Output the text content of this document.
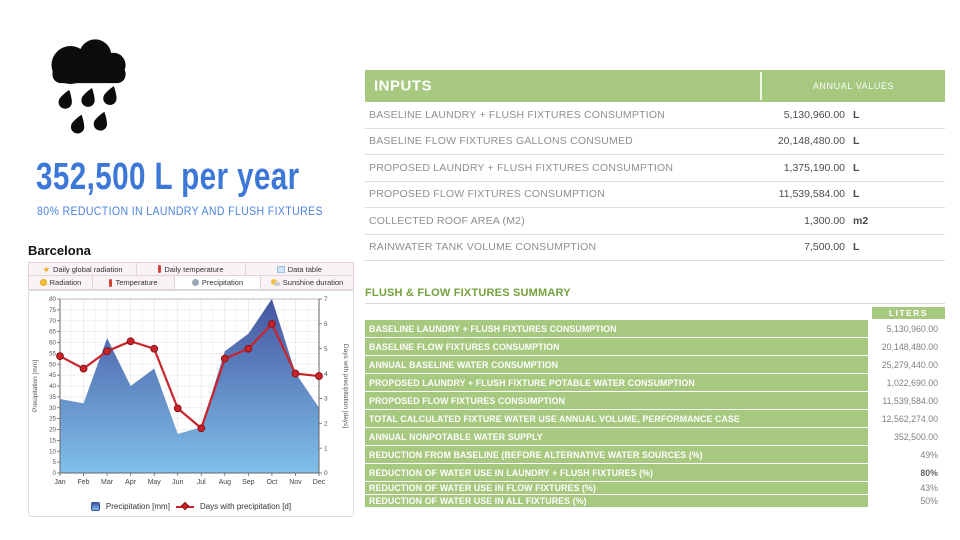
352,500 L per year
80% REDUCTION IN LAUNDRY AND FLUSH FIXTURES
Barcelona
★
Daily global radiation	Daily temperature	Data table
Radiation	Temperature	Precipitation	Sunshine duration
0
5
10
15
20
25
30
35
40
45
50
55
60
65
70
75
80
0
1
2
3
4
5
6
7
Jan Feb Mar Apr May Jun Jul Aug Sep Oct Nov Dec
Precipitation [mm]	Days with precipitation [days]
Precipitation [mm]	Days with precipitation [d]
INPUTS	ANNUAL VALUES
BASELINE LAUNDRY + FLUSH FIXTURES CONSUMPTION	5,130,960.00 L
BASELINE FLOW FIXTURES GALLONS CONSUMED	20,148,480.00 L
PROPOSED LAUNDRY + FLUSH FIXTURES CONSUMPTION	1,375,190.00 L
PROPOSED FLOW FIXTURES CONSUMPTION	11,539,584.00 L
COLLECTED ROOF AREA (M2)	1,300.00 m2
RAINWATER TANK VOLUME CONSUMPTION	7,500.00 L
FLUSH & FLOW FIXTURES SUMMARY
LITERS
BASELINE LAUNDRY + FLUSH FIXTURES CONSUMPTION	5,130,960.00
BASELINE FLOW FIXTURES CONSUMPTION	20,148,480.00
ANNUAL BASELINE WATER CONSUMPTION	25,279,440.00
PROPOSED LAUNDRY + FLUSH FIXTURE POTABLE WATER CONSUMPTION	1,022,690.00
PROPOSED FLOW FIXTURES CONSUMPTION	11,539,584.00
TOTAL CALCULATED FIXTURE WATER USE ANNUAL VOLUME, PERFORMANCE CASE	12,562,274.00
ANNUAL NONPOTABLE WATER SUPPLY	352,500.00
REDUCTION FROM BASELINE (BEFORE ALTERNATIVE WATER SOURCES (%)	49%
REDUCTION OF WATER USE IN LAUNDRY + FLUSH FIXTURES (%)	80%
REDUCTION OF WATER USE IN FLOW FIXTURES (%)	43%
REDUCTION OF WATER USE IN ALL FIXTURES (%)	50%
